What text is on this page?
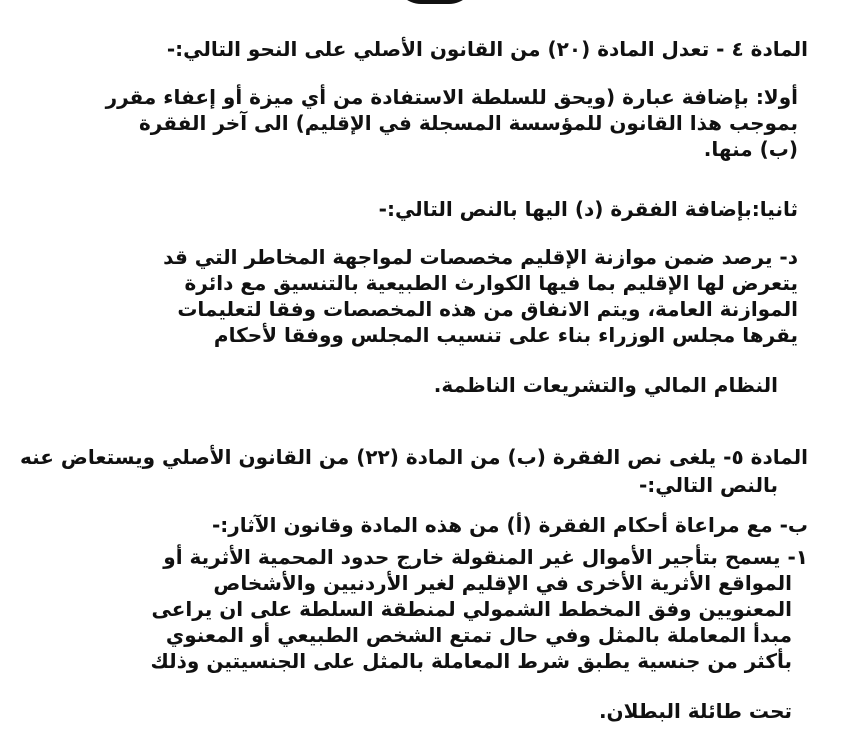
المادة ٤ - تعدل المادة (٢٠) من القانون الأصلي على النحو التالي:-
أولا: بإضافة عبارة (ويحق للسلطة الاستفادة من أي ميزة أو إعفاء مقرر
بموجب هذا القانون للمؤسسة المسجلة في الإقليم) الى آخر الفقرة
(ب) منها.
ثانيا:بإضافة الفقرة (د) اليها بالنص التالي:-
د- يرصد ضمن موازنة الإقليم مخصصات لمواجهة المخاطر التي قد
يتعرض لها الإقليم بما فيها الكوارث الطبيعية بالتنسيق مع دائرة
الموازنة العامة، ويتم الانفاق من هذه المخصصات وفقا لتعليمات
يقرها مجلس الوزراء بناء على تنسيب المجلس ووفقا لأحكام
النظام المالي والتشريعات الناظمة.
المادة ٥- يلغى نص الفقرة (ب) من المادة (٢٢) من القانون الأصلي ويستعاض عنه
بالنص التالي:-
ب- مع مراعاة أحكام الفقرة (أ) من هذه المادة وقانون الآثار:-
١- يسمح بتأجير الأموال غير المنقولة خارج حدود المحمية الأثرية أو
المواقع الأثرية الأخرى في الإقليم لغير الأردنيين والأشخاص
المعنويين وفق المخطط الشمولي لمنطقة السلطة على ان يراعى
مبدأ المعاملة بالمثل وفي حال تمتع الشخص الطبيعي أو المعنوي
بأكثر من جنسية يطبق شرط المعاملة بالمثل على الجنسيتين وذلك
تحت طائلة البطلان.
